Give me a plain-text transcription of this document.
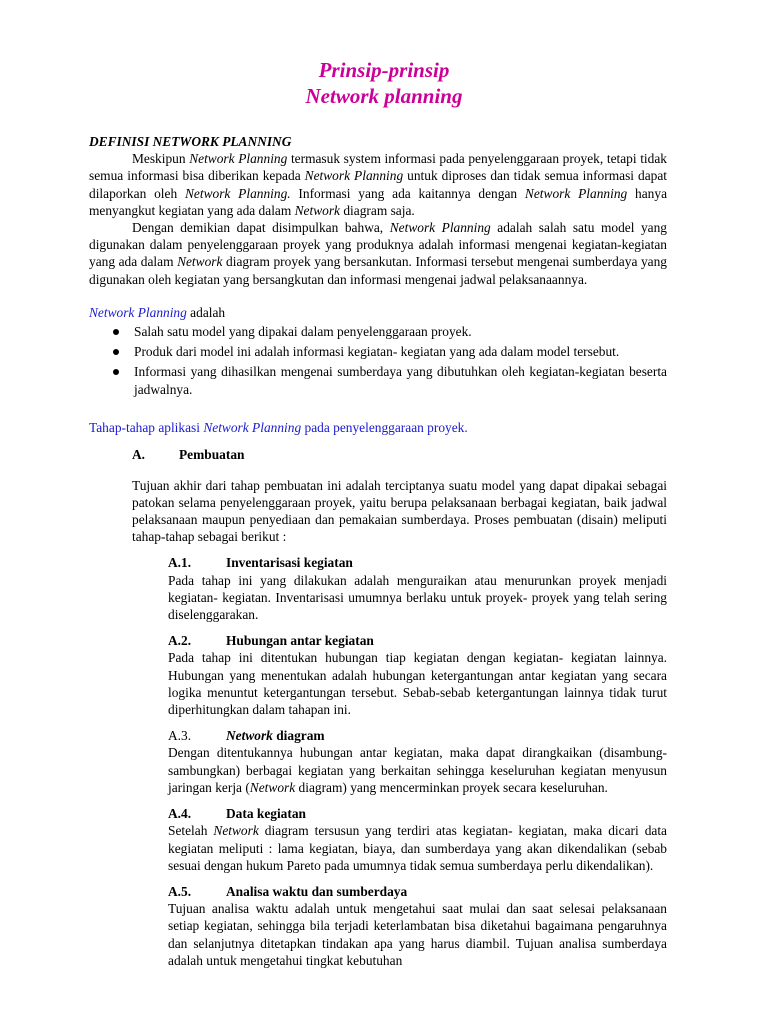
Prinsip-prinsip
Network planning

DEFINISI NETWORK PLANNING

Meskipun Network Planning termasuk system informasi pada penyelenggaraan proyek, tetapi tidak semua informasi bisa diberikan kepada Network Planning untuk diproses dan tidak semua informasi dapat dilaporkan oleh Network Planning. Informasi yang ada kaitannya dengan Network Planning hanya menyangkut kegiatan yang ada dalam Network diagram saja.

Dengan demikian dapat disimpulkan bahwa, Network Planning adalah salah satu model yang digunakan dalam penyelenggaraan proyek yang produknya adalah informasi mengenai kegiatan-kegiatan yang ada dalam Network diagram proyek yang bersankutan. Informasi tersebut mengenai sumberdaya yang digunakan oleh kegiatan yang bersangkutan dan informasi mengenai jadwal pelaksanaannya.

Network Planning adalah

Salah satu model yang dipakai dalam penyelenggaraan proyek.
Produk dari model ini adalah informasi kegiatan- kegiatan yang ada dalam model tersebut.
Informasi yang dihasilkan mengenai sumberdaya yang dibutuhkan oleh kegiatan-kegiatan beserta jadwalnya.

Tahap-tahap aplikasi Network Planning pada penyelenggaraan proyek.

A.	Pembuatan

Tujuan akhir dari tahap pembuatan ini adalah terciptanya suatu model yang dapat dipakai sebagai patokan selama penyelenggaraan proyek, yaitu berupa pelaksanaan berbagai kegiatan, baik jadwal pelaksanaan maupun penyediaan dan pemakaian sumberdaya. Proses pembuatan (disain) meliputi tahap-tahap sebagai berikut :

A.1.	Inventarisasi kegiatan

Pada tahap ini yang dilakukan adalah menguraikan atau menurunkan proyek menjadi kegiatan- kegiatan. Inventarisasi umumnya berlaku untuk proyek- proyek yang telah sering diselenggarakan.

A.2.	Hubungan antar kegiatan

Pada tahap ini ditentukan hubungan tiap kegiatan dengan kegiatan- kegiatan lainnya. Hubungan yang menentukan adalah hubungan ketergantungan antar kegiatan yang secara logika menuntut ketergantungan tersebut. Sebab-sebab ketergantungan lainnya tidak turut diperhitungkan dalam tahapan ini.

A.3.	Network diagram

Dengan ditentukannya hubungan antar kegiatan, maka dapat dirangkaikan (disambung-sambungkan) berbagai kegiatan yang berkaitan sehingga keseluruhan kegiatan menyusun jaringan kerja (Network diagram) yang mencerminkan proyek secara keseluruhan.

A.4.	Data kegiatan

Setelah Network diagram tersusun yang terdiri atas kegiatan- kegiatan, maka dicari data kegiatan meliputi : lama kegiatan, biaya, dan sumberdaya yang akan dikendalikan (sebab sesuai dengan hukum Pareto pada umumnya tidak semua sumberdaya perlu dikendalikan).

A.5.	Analisa waktu dan sumberdaya

Tujuan analisa waktu adalah untuk mengetahui saat mulai dan saat selesai pelaksanaan setiap kegiatan, sehingga bila terjadi keterlambatan bisa diketahui bagaimana pengaruhnya dan selanjutnya ditetapkan tindakan apa yang harus diambil. Tujuan analisa sumberdaya adalah untuk mengetahui tingkat kebutuhan
